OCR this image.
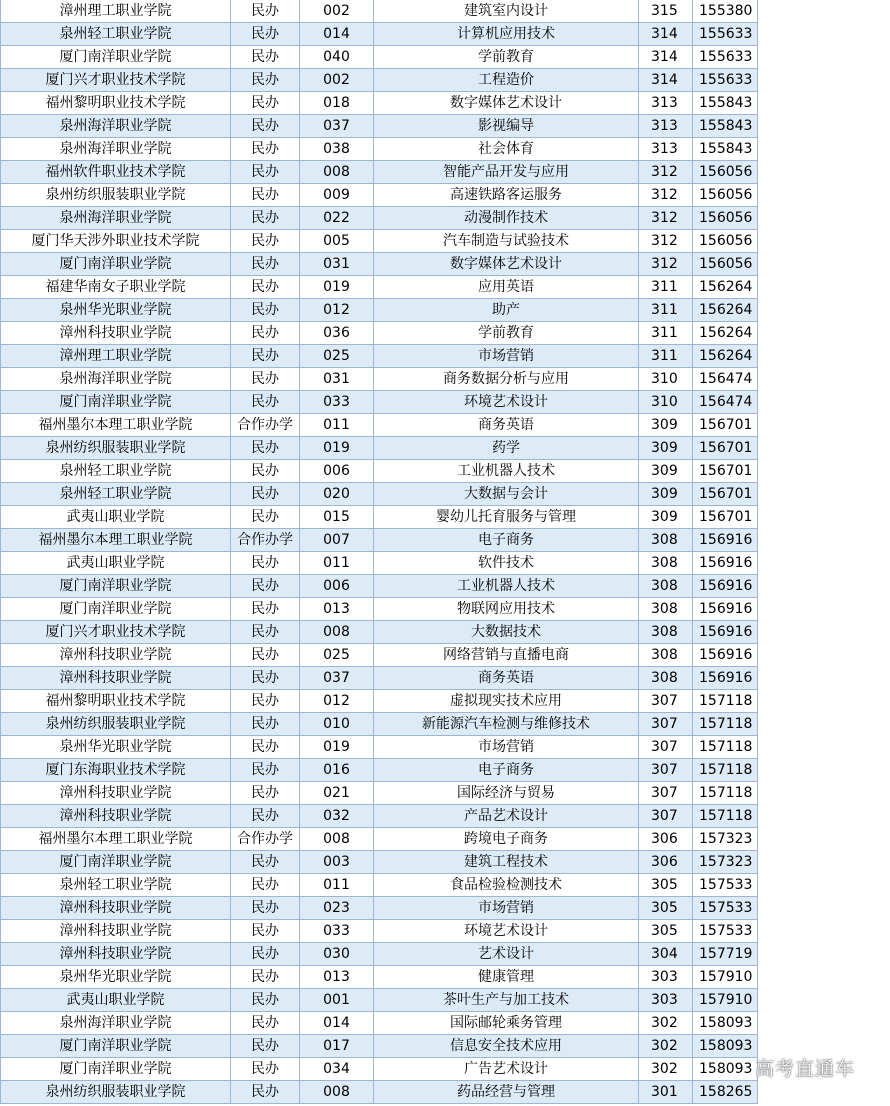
漳州理工职业学院	民办	002	建筑室内设计	315	155380
泉州轻工职业学院	民办	014	计算机应用技术	314	155633
厦门南洋职业学院	民办	040	学前教育	314	155633
厦门兴才职业技术学院	民办	002	工程造价	314	155633
福州黎明职业技术学院	民办	018	数字媒体艺术设计	313	155843
泉州海洋职业学院	民办	037	影视编导	313	155843
泉州海洋职业学院	民办	038	社会体育	313	155843
福州软件职业技术学院	民办	008	智能产品开发与应用	312	156056
泉州纺织服装职业学院	民办	009	高速铁路客运服务	312	156056
泉州海洋职业学院	民办	022	动漫制作技术	312	156056
厦门华天涉外职业技术学院	民办	005	汽车制造与试验技术	312	156056
厦门南洋职业学院	民办	031	数字媒体艺术设计	312	156056
福建华南女子职业学院	民办	019	应用英语	311	156264
泉州华光职业学院	民办	012	助产	311	156264
漳州科技职业学院	民办	036	学前教育	311	156264
漳州理工职业学院	民办	025	市场营销	311	156264
泉州海洋职业学院	民办	031	商务数据分析与应用	310	156474
厦门南洋职业学院	民办	033	环境艺术设计	310	156474
福州墨尔本理工职业学院	合作办学	011	商务英语	309	156701
泉州纺织服装职业学院	民办	019	药学	309	156701
泉州轻工职业学院	民办	006	工业机器人技术	309	156701
泉州轻工职业学院	民办	020	大数据与会计	309	156701
武夷山职业学院	民办	015	婴幼儿托育服务与管理	309	156701
福州墨尔本理工职业学院	合作办学	007	电子商务	308	156916
武夷山职业学院	民办	011	软件技术	308	156916
厦门南洋职业学院	民办	006	工业机器人技术	308	156916
厦门南洋职业学院	民办	013	物联网应用技术	308	156916
厦门兴才职业技术学院	民办	008	大数据技术	308	156916
漳州科技职业学院	民办	025	网络营销与直播电商	308	156916
漳州科技职业学院	民办	037	商务英语	308	156916
福州黎明职业技术学院	民办	012	虚拟现实技术应用	307	157118
泉州纺织服装职业学院	民办	010	新能源汽车检测与维修技术	307	157118
泉州华光职业学院	民办	019	市场营销	307	157118
厦门东海职业技术学院	民办	016	电子商务	307	157118
漳州科技职业学院	民办	021	国际经济与贸易	307	157118
漳州科技职业学院	民办	032	产品艺术设计	307	157118
福州墨尔本理工职业学院	合作办学	008	跨境电子商务	306	157323
厦门南洋职业学院	民办	003	建筑工程技术	306	157323
泉州轻工职业学院	民办	011	食品检验检测技术	305	157533
漳州科技职业学院	民办	023	市场营销	305	157533
漳州科技职业学院	民办	033	环境艺术设计	305	157533
漳州科技职业学院	民办	030	艺术设计	304	157719
泉州华光职业学院	民办	013	健康管理	303	157910
武夷山职业学院	民办	001	茶叶生产与加工技术	303	157910
泉州海洋职业学院	民办	014	国际邮轮乘务管理	302	158093
厦门南洋职业学院	民办	017	信息安全技术应用	302	158093
厦门南洋职业学院	民办	034	广告艺术设计	302	158093
泉州纺织服装职业学院	民办	008	药品经营与管理	301	158265
高考直通车
